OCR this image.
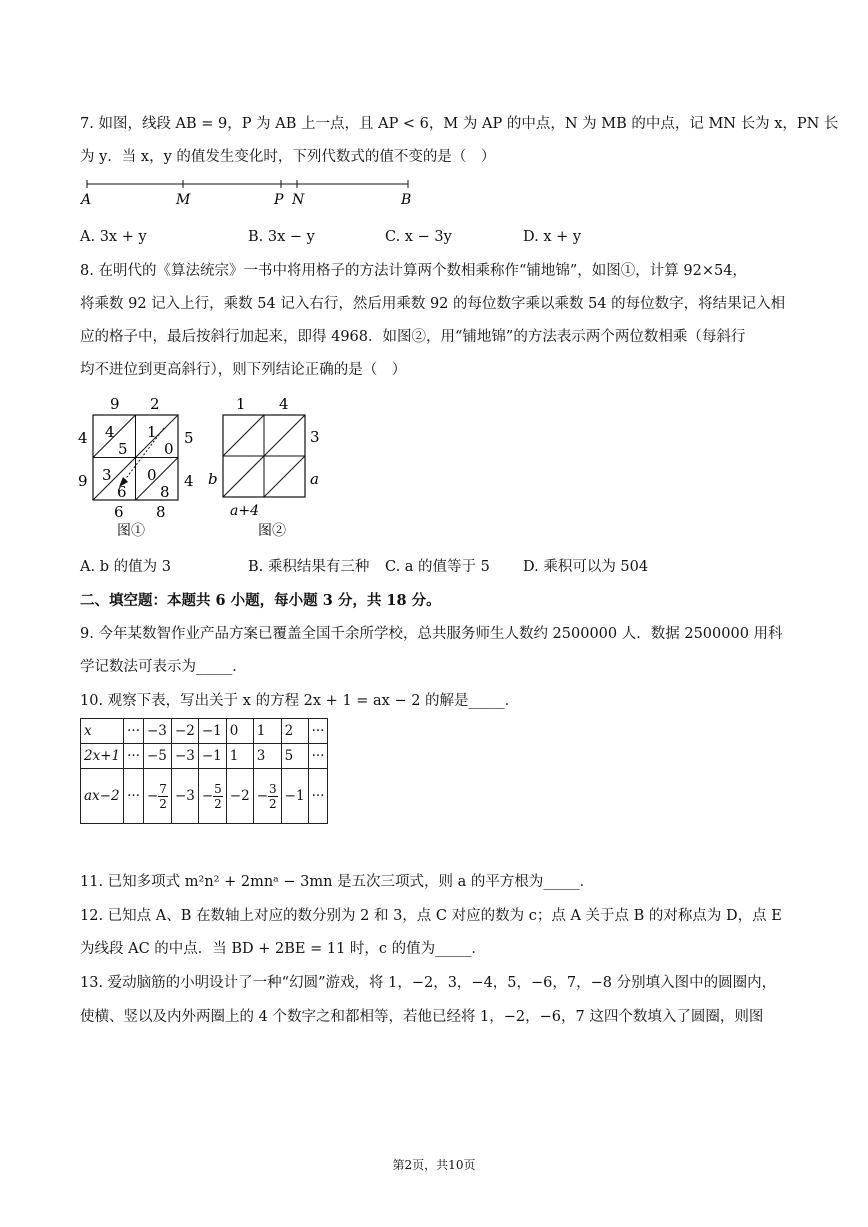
7. 如图，线段 AB = 9，P 为 AB 上一点，且 AP < 6，M 为 AP 的中点，N 为 MB 的中点，记 MN 长为 x，PN 长
为 y．当 x，y 的值发生变化时，下列代数式的值不变的是（　）
A	M	P N	B
A. 3x + y	B. 3x − y	C. x − 3y	D. x + y
8. 在明代的《算法统宗》一书中将用格子的方法计算两个数相乘称作“铺地锦”，如图①，计算 92×54，
将乘数 92 记入上行，乘数 54 记入右行，然后用乘数 92 的每位数字乘以乘数 54 的每位数字，将结果记入相
应的格子中，最后按斜行加起来，即得 4968．如图②，用“铺地锦”的方法表示两个两位数相乘（每斜行
均不进位到更高斜行），则下列结论正确的是（　）
9 2
4
9
5
4
6 8
4
5
1
0
3
6
0
8
图①
1 4
3
a
b
a+4
图②
A. b 的值为 3	B. 乘积结果有三种 C. a 的值等于 5 D. 乘积可以为 504
二、填空题：本题共 6 小题，每小题 3 分，共 18 分。
9. 今年某数智作业产品方案已覆盖全国千余所学校，总共服务师生人数约 2500000 人．数据 2500000 用科
学记数法可表示为_____．
10. 观察下表，写出关于 x 的方程 2x + 1 = ax − 2 的解是_____．
x	···	−3	−2	−1	0	1	2	···
2x+1	···	−5	−3	−1	1	3	5	···
ax−2	···	− $\frac{7}{2}$	−3	− $\frac{5}{2}$	−2	− $\frac{3}{2}$	−1	···
11. 已知多项式 m²n² + 2mnᵃ − 3mn 是五次三项式，则 a 的平方根为_____．
12. 已知点 A、B 在数轴上对应的数分别为 2 和 3，点 C 对应的数为 c；点 A 关于点 B 的对称点为 D，点 E
为线段 AC 的中点．当 BD + 2BE = 11 时，c 的值为_____．
13. 爱动脑筋的小明设计了一种“幻圆”游戏，将 1，−2，3，−4，5，−6，7，−8 分别填入图中的圆圈内，
使横、竖以及内外两圈上的 4 个数字之和都相等，若他已经将 1，−2，−6，7 这四个数填入了圆圈，则图
第2页，共10页
